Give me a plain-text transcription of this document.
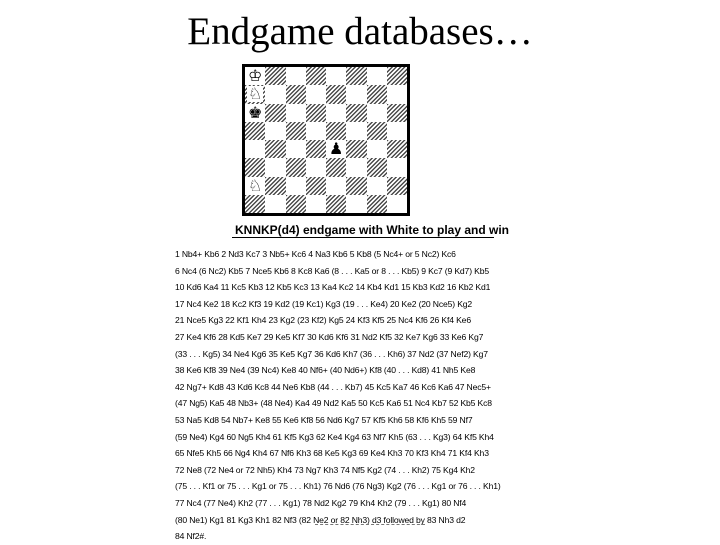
Endgame databases…
♔
♘
♚
♟
♘
KNNKP(d4) endgame with White to play and win
1 Nb4+ Kb6 2 Nd3 Kc7 3 Nb5+ Kc6 4 Na3 Kb6 5 Kb8 (5 Nc4+ or 5 Nc2) Kc6
6 Nc4 (6 Nc2) Kb5 7 Nce5 Kb6 8 Kc8 Ka6 (8 . . . Ka5 or 8 . . . Kb5) 9 Kc7 (9 Kd7) Kb5
10 Kd6 Ka4 11 Kc5 Kb3 12 Kb5 Kc3 13 Ka4 Kc2 14 Kb4 Kd1 15 Kb3 Kd2 16 Kb2 Kd1
17 Nc4 Ke2 18 Kc2 Kf3 19 Kd2 (19 Kc1) Kg3 (19 . . . Ke4) 20 Ke2 (20 Nce5) Kg2
21 Nce5 Kg3 22 Kf1 Kh4 23 Kg2 (23 Kf2) Kg5 24 Kf3 Kf5 25 Nc4 Kf6 26 Kf4 Ke6
27 Ke4 Kf6 28 Kd5 Ke7 29 Ke5 Kf7 30 Kd6 Kf6 31 Nd2 Kf5 32 Ke7 Kg6 33 Ke6 Kg7
(33 . . . Kg5) 34 Ne4 Kg6 35 Ke5 Kg7 36 Kd6 Kh7 (36 . . . Kh6) 37 Nd2 (37 Nef2) Kg7
38 Ke6 Kf8 39 Ne4 (39 Nc4) Ke8 40 Nf6+ (40 Nd6+) Kf8 (40 . . . Kd8) 41 Nh5 Ke8
42 Ng7+ Kd8 43 Kd6 Kc8 44 Ne6 Kb8 (44 . . . Kb7) 45 Kc5 Ka7 46 Kc6 Ka6 47 Nec5+
(47 Ng5) Ka5 48 Nb3+ (48 Ne4) Ka4 49 Nd2 Ka5 50 Kc5 Ka6 51 Nc4 Kb7 52 Kb5 Kc8
53 Na5 Kd8 54 Nb7+ Ke8 55 Ke6 Kf8 56 Nd6 Kg7 57 Kf5 Kh6 58 Kf6 Kh5 59 Nf7
(59 Ne4) Kg4 60 Ng5 Kh4 61 Kf5 Kg3 62 Ke4 Kg4 63 Nf7 Kh5 (63 . . . Kg3) 64 Kf5 Kh4
65 Nfe5 Kh5 66 Ng4 Kh4 67 Nf6 Kh3 68 Ke5 Kg3 69 Ke4 Kh3 70 Kf3 Kh4 71 Kf4 Kh3
72 Ne8 (72 Ne4 or 72 Nh5) Kh4 73 Ng7 Kh3 74 Nf5 Kg2 (74 . . . Kh2) 75 Kg4 Kh2
(75 . . . Kf1 or 75 . . . Kg1 or 75 . . . Kh1) 76 Nd6 (76 Ng3) Kg2 (76 . . . Kg1 or 76 . . . Kh1)
77 Nc4 (77 Ne4) Kh2 (77 . . . Kg1) 78 Nd2 Kg2 79 Kh4 Kh2 (79 . . . Kg1) 80 Nf4
(80 Ne1) Kg1 81 Kg3 Kh1 82 Nf3 (82 Ne2 or 82 Nh3) d3 followed by 83 Nh3 d2
84 Nf2#.
